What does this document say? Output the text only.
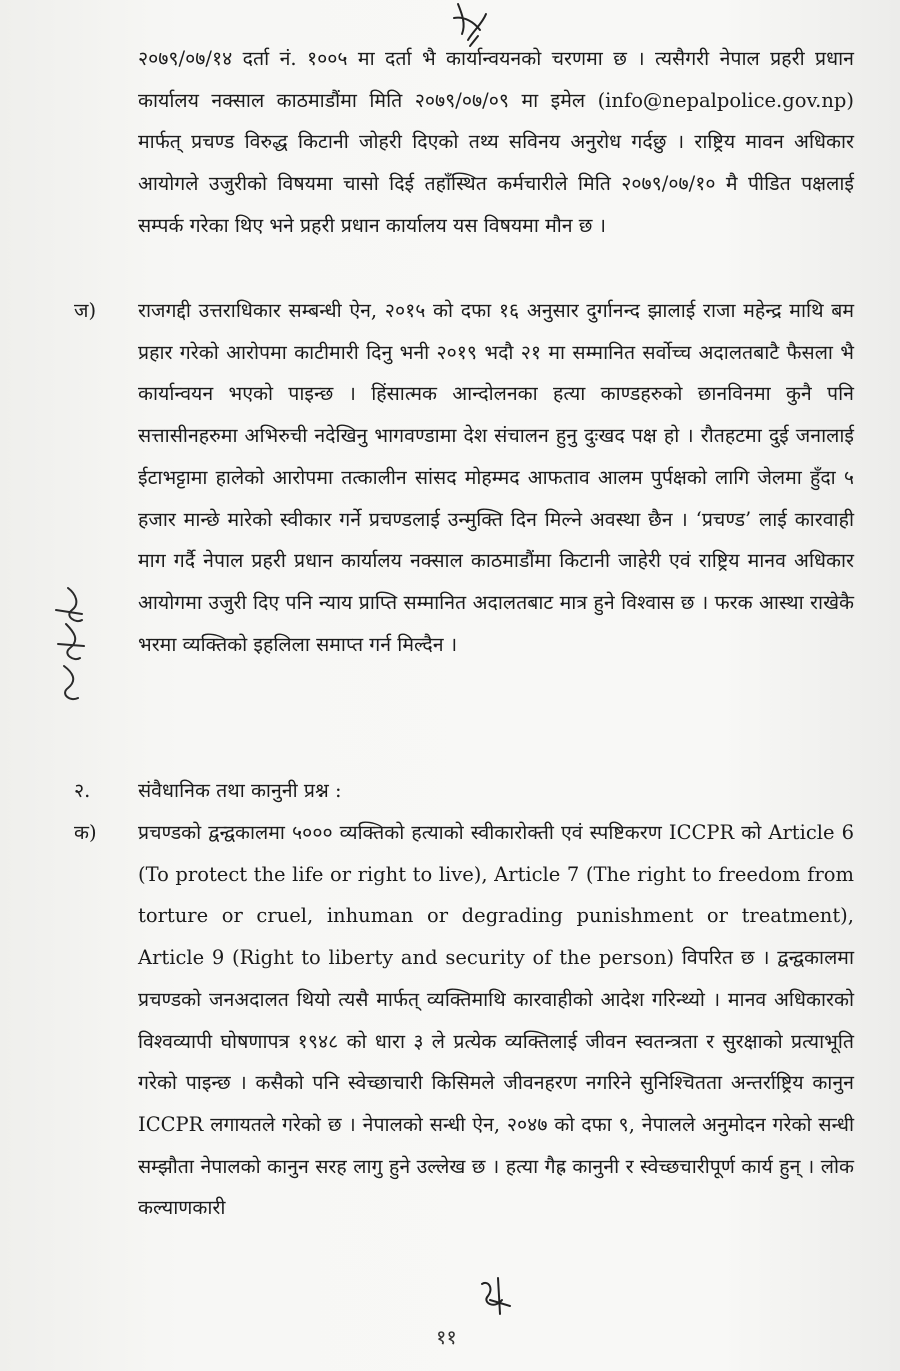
२०७९/०७/१४ दर्ता नं. १००५ मा दर्ता भै कार्यान्वयनको चरणमा छ । त्यसैगरी नेपाल प्रहरी प्रधान कार्यालय नक्साल काठमाडौंमा मिति २०७९/०७/०९ मा इमेल (info@nepalpolice.gov.np) मार्फत् प्रचण्ड विरुद्ध किटानी जोहरी दिएको तथ्य सविनय अनुरोध गर्दछु । राष्ट्रिय मावन अधिकार आयोगले उजुरीको विषयमा चासो दिई तहाँस्थित कर्मचारीले मिति २०७९/०७/१० मै पीडित पक्षलाई सम्पर्क गरेका थिए भने प्रहरी प्रधान कार्यालय यस विषयमा मौन छ ।

ज) राजगद्दी उत्तराधिकार सम्बन्धी ऐन, २०१५ को दफा १६ अनुसार दुर्गानन्द झालाई राजा महेन्द्र माथि बम प्रहार गरेको आरोपमा काटीमारी दिनु भनी २०१९ भदौ २१ मा सम्मानित सर्वोच्च अदालतबाटै फैसला भै कार्यान्वयन भएको पाइन्छ । हिंसात्मक आन्दोलनका हत्या काण्डहरुको छानविनमा कुनै पनि सत्तासीनहरुमा अभिरुची नदेखिनु भागवण्डामा देश संचालन हुनु दुःखद पक्ष हो । रौतहटमा दुई जनालाई ईटाभट्टामा हालेको आरोपमा तत्कालीन सांसद मोहम्मद आफताव आलम पुर्पक्षको लागि जेलमा हुँदा ५ हजार मान्छे मारेको स्वीकार गर्ने प्रचण्डलाई उन्मुक्ति दिन मिल्ने अवस्था छैन । ‘प्रचण्ड’ लाई कारवाही माग गर्दै नेपाल प्रहरी प्रधान कार्यालय नक्साल काठमाडौंमा किटानी जाहेरी एवं राष्ट्रिय मानव अधिकार आयोगमा उजुरी दिए पनि न्याय प्राप्ति सम्मानित अदालतबाट मात्र हुने विश्वास छ । फरक आस्था राखेकै भरमा व्यक्तिको इहलिला समाप्त गर्न मिल्दैन ।

२. संवैधानिक तथा कानुनी प्रश्न :
क) प्रचण्डको द्वन्द्वकालमा ५००० व्यक्तिको हत्याको स्वीकारोक्ती एवं स्पष्टिकरण ICCPR को Article 6 (To protect the life or right to live), Article 7 (The right to freedom from torture or cruel, inhuman or degrading punishment or treatment), Article 9 (Right to liberty and security of the person) विपरित छ । द्वन्द्वकालमा प्रचण्डको जनअदालत थियो त्यसै मार्फत् व्यक्तिमाथि कारवाहीको आदेश गरिन्थ्यो । मानव अधिकारको विश्वव्यापी घोषणापत्र १९४८ को धारा ३ ले प्रत्येक व्यक्तिलाई जीवन स्वतन्त्रता र सुरक्षाको प्रत्याभूति गरेको पाइन्छ । कसैको पनि स्वेच्छाचारी किसिमले जीवनहरण नगरिने सुनिश्चितता अन्तर्राष्ट्रिय कानुन ICCPR लगायतले गरेको छ । नेपालको सन्धी ऐन, २०४७ को दफा ९, नेपालले अनुमोदन गरेको सन्धी सम्झौता नेपालको कानुन सरह लागु हुने उल्लेख छ । हत्या गैह्र कानुनी र स्वेच्छचारीपूर्ण कार्य हुन् । लोक कल्याणकारी

११
